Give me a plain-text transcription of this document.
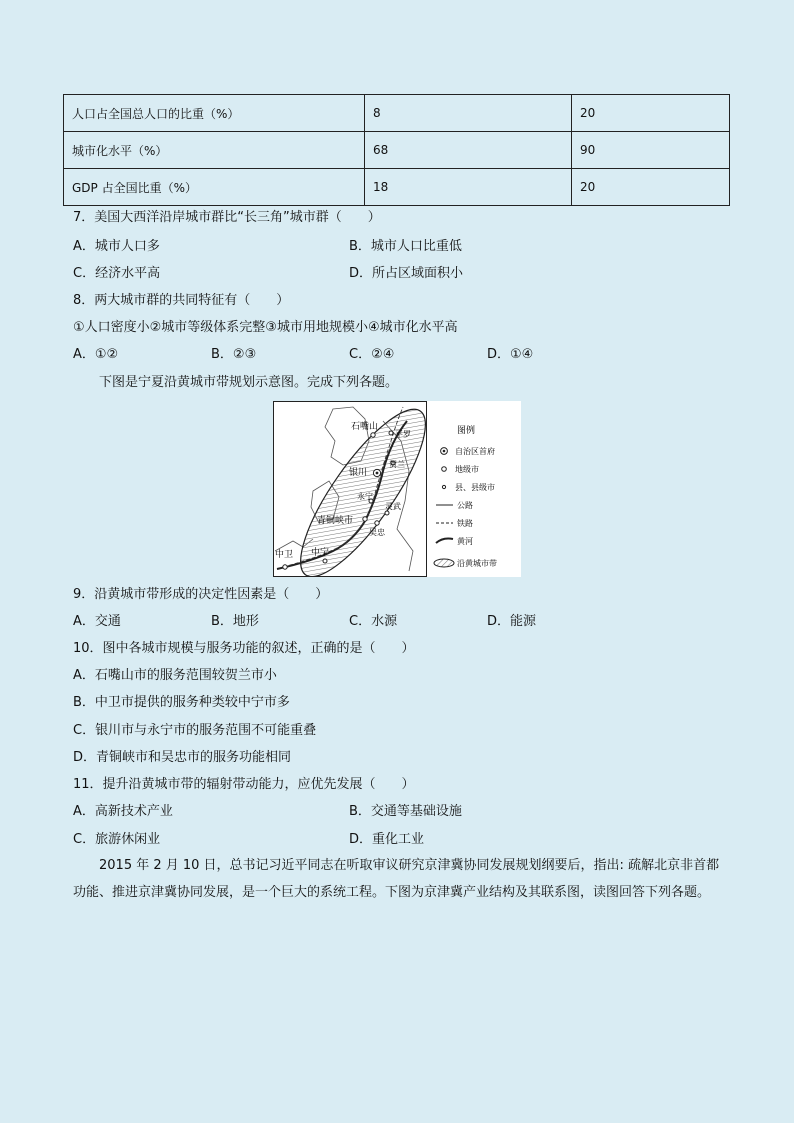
人口占全国总人口的比重（%）	8	20
城市化水平（%）	68	90
GDP 占全国比重（%）	18	20
7．美国大西洋沿岸城市群比“长三角”城市群（　　）
A．城市人口多	B．城市人口比重低
C．经济水平高	D．所占区域面积小
8．两大城市群的共同特征有（　　）
①人口密度小②城市等级体系完整③城市用地规模小④城市化水平高
A．①②	B．②③	C．②④	D．①④
下图是宁夏沿黄城市带规划示意图。完成下列各题。
石嘴山
平罗
银川
贺兰
永宁
灵武
青铜峡市
吴忠
中卫 中宁
图例
自治区首府
地级市
县、县级市
公路
铁路
黄河
沿黄城市带
9．沿黄城市带形成的决定性因素是（　　）
A．交通	B．地形	C．水源	D．能源
10．图中各城市规模与服务功能的叙述，正确的是（　　）
A．石嘴山市的服务范围较贺兰市小
B．中卫市提供的服务种类较中宁市多
C．银川市与永宁市的服务范围不可能重叠
D．青铜峡市和吴忠市的服务功能相同
11．提升沿黄城市带的辐射带动能力，应优先发展（　　）
A．高新技术产业	B．交通等基础设施
C．旅游休闲业	D．重化工业
2015 年 2 月 10 日，总书记习近平同志在听取审议研究京津冀协同发展规划纲要后，指出: 疏解北京非首都功能、推进京津冀协同发展，是一个巨大的系统工程。下图为京津冀产业结构及其联系图，读图回答下列各题。
